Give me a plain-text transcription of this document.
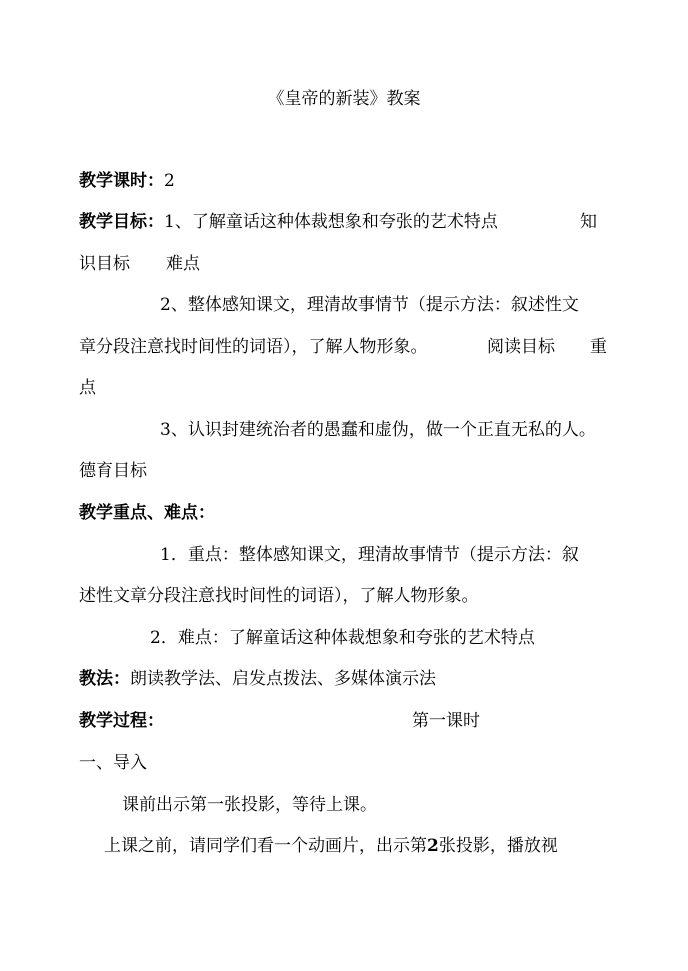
《皇帝的新装》教案
教学课时：2
教学目标：1、了解童话这种体裁想象和夸张的艺术特点	知
识目标 难点
2、整体感知课文，理清故事情节（提示方法：叙述性文
章分段注意找时间性的词语），了解人物形象。	阅读目标 重
点
3、认识封建统治者的愚蠢和虚伪，做一个正直无私的人。
德育目标
教学重点、难点：
1．重点：整体感知课文，理清故事情节（提示方法：叙
述性文章分段注意找时间性的词语），了解人物形象。
2．难点：了解童话这种体裁想象和夸张的艺术特点
教法：朗读教学法、启发点拨法、多媒体演示法
教学过程：	第一课时
一、导入
课前出示第一张投影，等待上课。
上课之前，请同学们看一个动画片，出示第2张投影，播放视
